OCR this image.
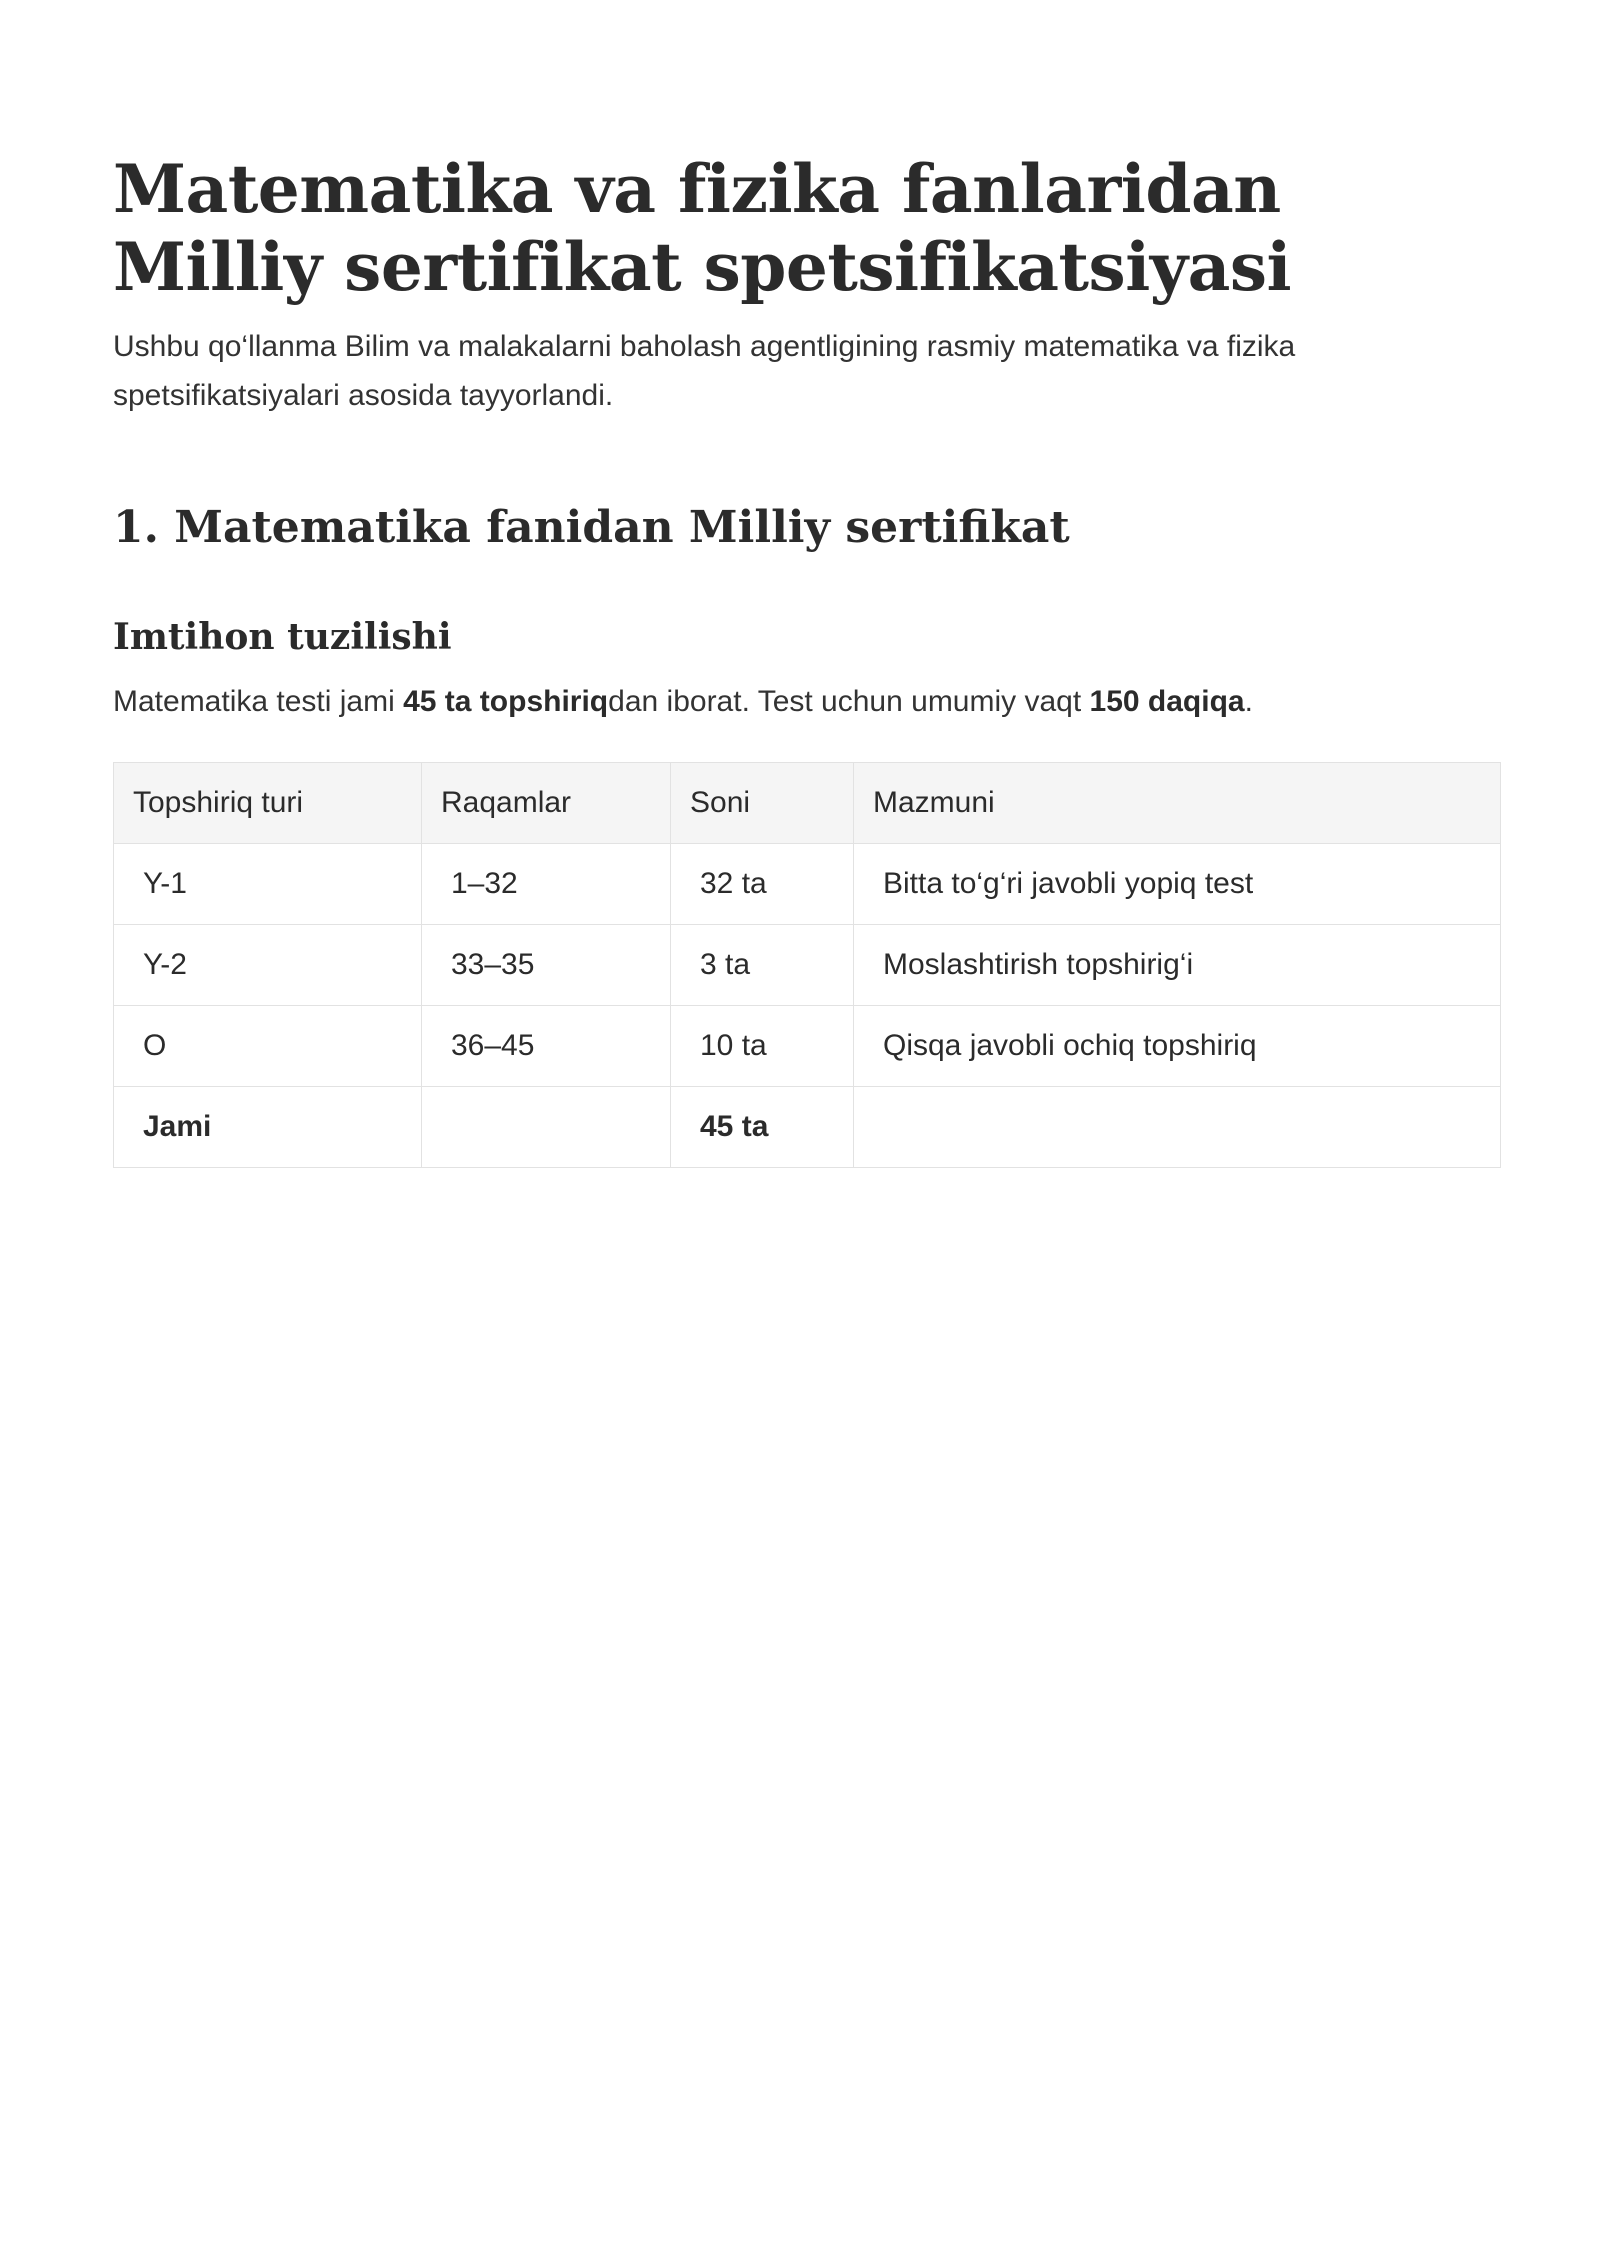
Matematika va fizika fanlaridan Milliy sertifikat spetsifikatsiyasi

Ushbu qo‘llanma Bilim va malakalarni baholash agentligining rasmiy matematika va fizika spetsifikatsiyalari asosida tayyorlandi.

1. Matematika fanidan Milliy sertifikat
Imtihon tuzilishi

Matematika testi jami 45 ta topshiriqdan iborat. Test uchun umumiy vaqt 150 daqiqa.

Topshiriq turi	Raqamlar	Soni	Mazmuni
Y-1	1–32	32 ta	Bitta to‘g‘ri javobli yopiq test
Y-2	33–35	3 ta	Moslashtirish topshirig‘i
O	36–45	10 ta	Qisqa javobli ochiq topshiriq
Jami		45 ta	
